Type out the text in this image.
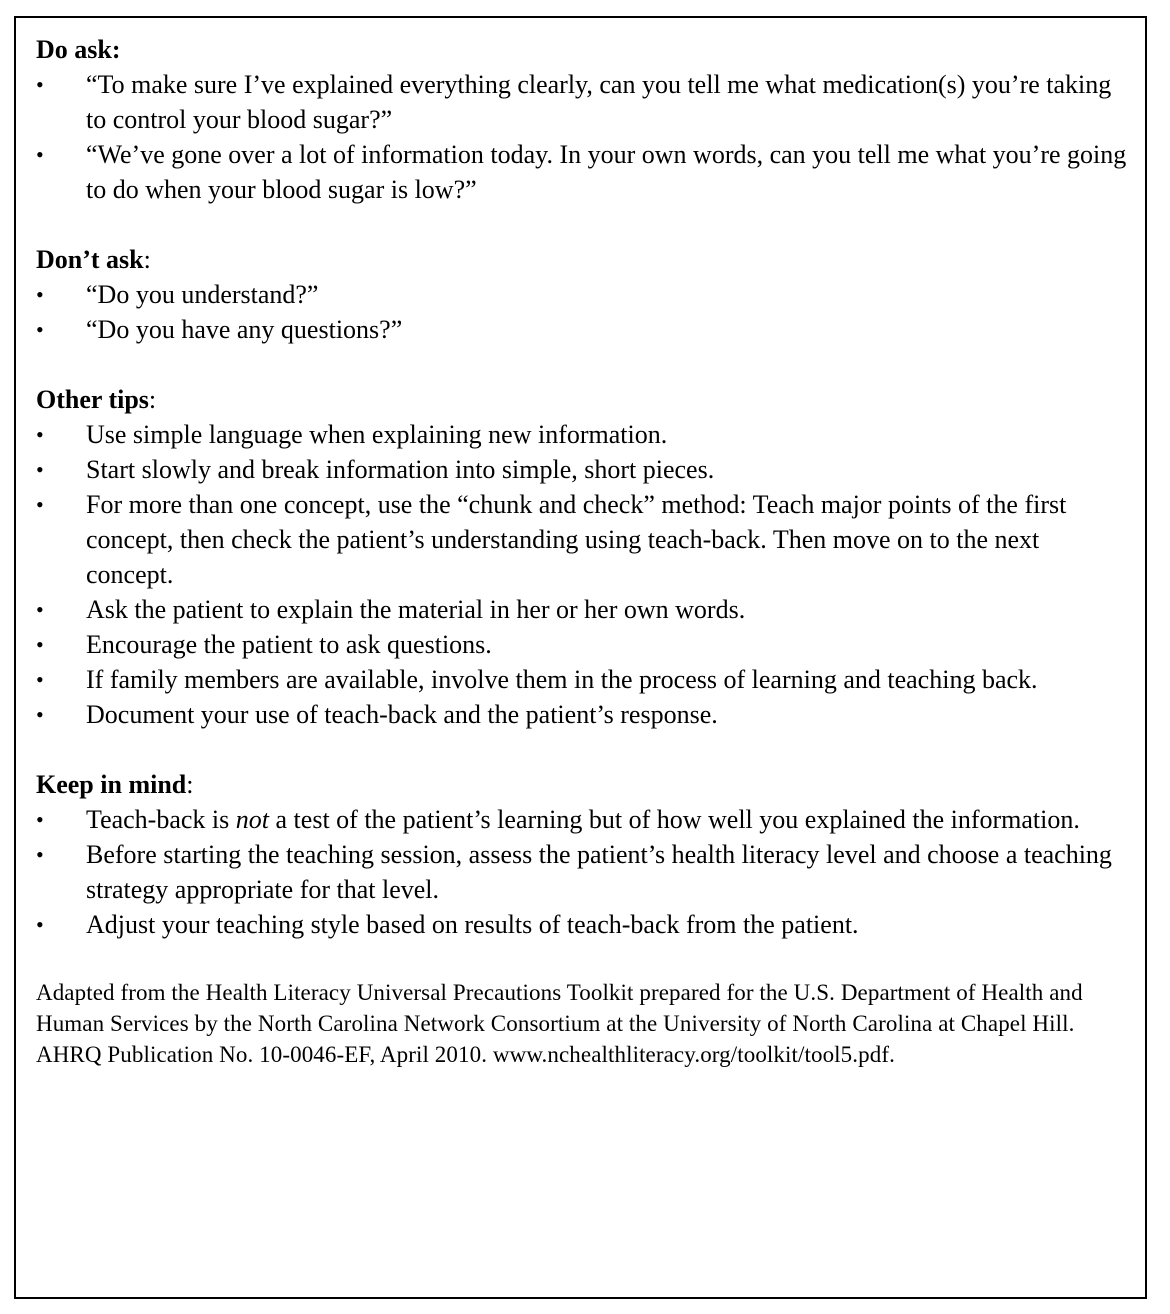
Do ask:

•	“To make sure I’ve explained everything clearly, can you tell me what medication(s) you’re taking to control your blood sugar?”
•	“We’ve gone over a lot of information today. In your own words, can you tell me what you’re going to do when your blood sugar is low?”

Don’t ask:

•	“Do you understand?”
•	“Do you have any questions?”

Other tips:

•	Use simple language when explaining new information.
•	Start slowly and break information into simple, short pieces.
•	For more than one concept, use the “chunk and check” method: Teach major points of the first concept, then check the patient’s understanding using teach-back. Then move on to the next concept.
•	Ask the patient to explain the material in her or her own words.
•	Encourage the patient to ask questions.
•	If family members are available, involve them in the process of learning and teaching back.
•	Document your use of teach-back and the patient’s response.

Keep in mind:

•	Teach-back is not a test of the patient’s learning but of how well you explained the information.
•	Before starting the teaching session, assess the patient’s health literacy level and choose a teaching strategy appropriate for that level.
•	Adjust your teaching style based on results of teach-back from the patient.

Adapted from the Health Literacy Universal Precautions Toolkit prepared for the U.S. Department of Health and Human Services by the North Carolina Network Consortium at the University of North Carolina at Chapel Hill. AHRQ Publication No. 10-0046-EF, April 2010. www.nchealthliteracy.org/toolkit/tool5.pdf.
